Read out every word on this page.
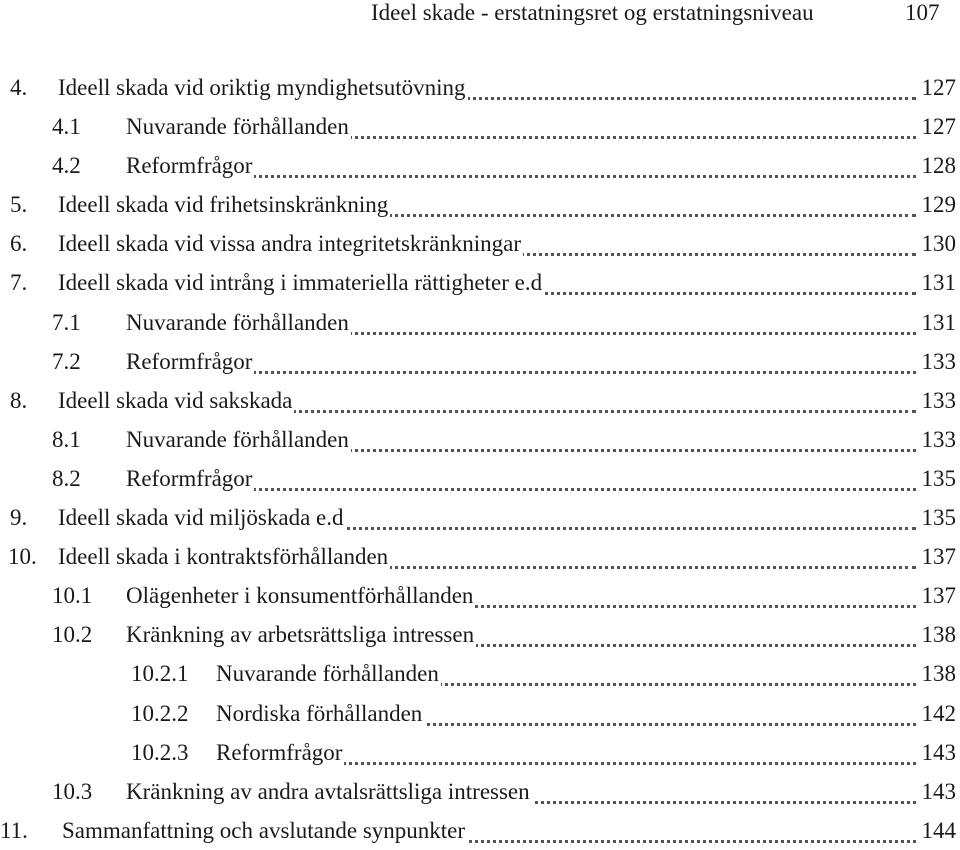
Ideel skade - erstatningsret og erstatningsniveau	107
4. Ideell skada vid oriktig myndighetsutövning	127
4.1 Nuvarande förhållanden	127
4.2 Reformfrågor	128
5. Ideell skada vid frihetsinskränkning	129
6. Ideell skada vid vissa andra integritetskränkningar	130
7. Ideell skada vid intrång i immateriella rättigheter e.d	131
7.1 Nuvarande förhållanden	131
7.2 Reformfrågor	133
8. Ideell skada vid sakskada	133
8.1 Nuvarande förhållanden	133
8.2 Reformfrågor	135
9. Ideell skada vid miljöskada e.d	135
10. Ideell skada i kontraktsförhållanden	137
10.1 Olägenheter i konsumentförhållanden	137
10.2 Kränkning av arbetsrättsliga intressen	138
10.2.1 Nuvarande förhållanden	138
10.2.2 Nordiska förhållanden	142
10.2.3 Reformfrågor	143
10.3 Kränkning av andra avtalsrättsliga intressen	143
11. Sammanfattning och avslutande synpunkter	144
